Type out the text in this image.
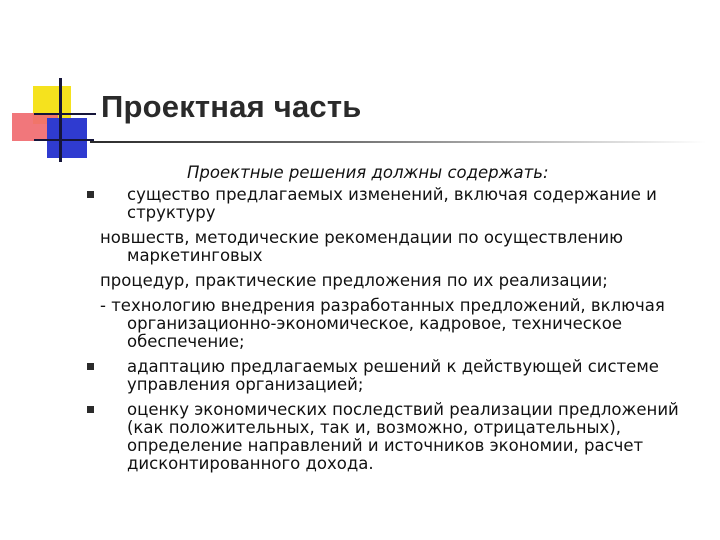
Проектная часть
Проектные решения должны содержать:
существо предлагаемых изменений, включая содержание и структуру
новшеств, методические рекомендации по осуществлению маркетинговых
процедур, практические предложения по их реализации;
- технологию внедрения разработанных предложений, включая организационно-экономическое, кадровое, техническое обеспечение;
адаптацию предлагаемых решений к действующей системе управления организацией;
оценку экономических последствий реализации предложений (как положительных, так и, возможно, отрицательных), определение направлений и источников экономии, расчет дисконтированного дохода.
